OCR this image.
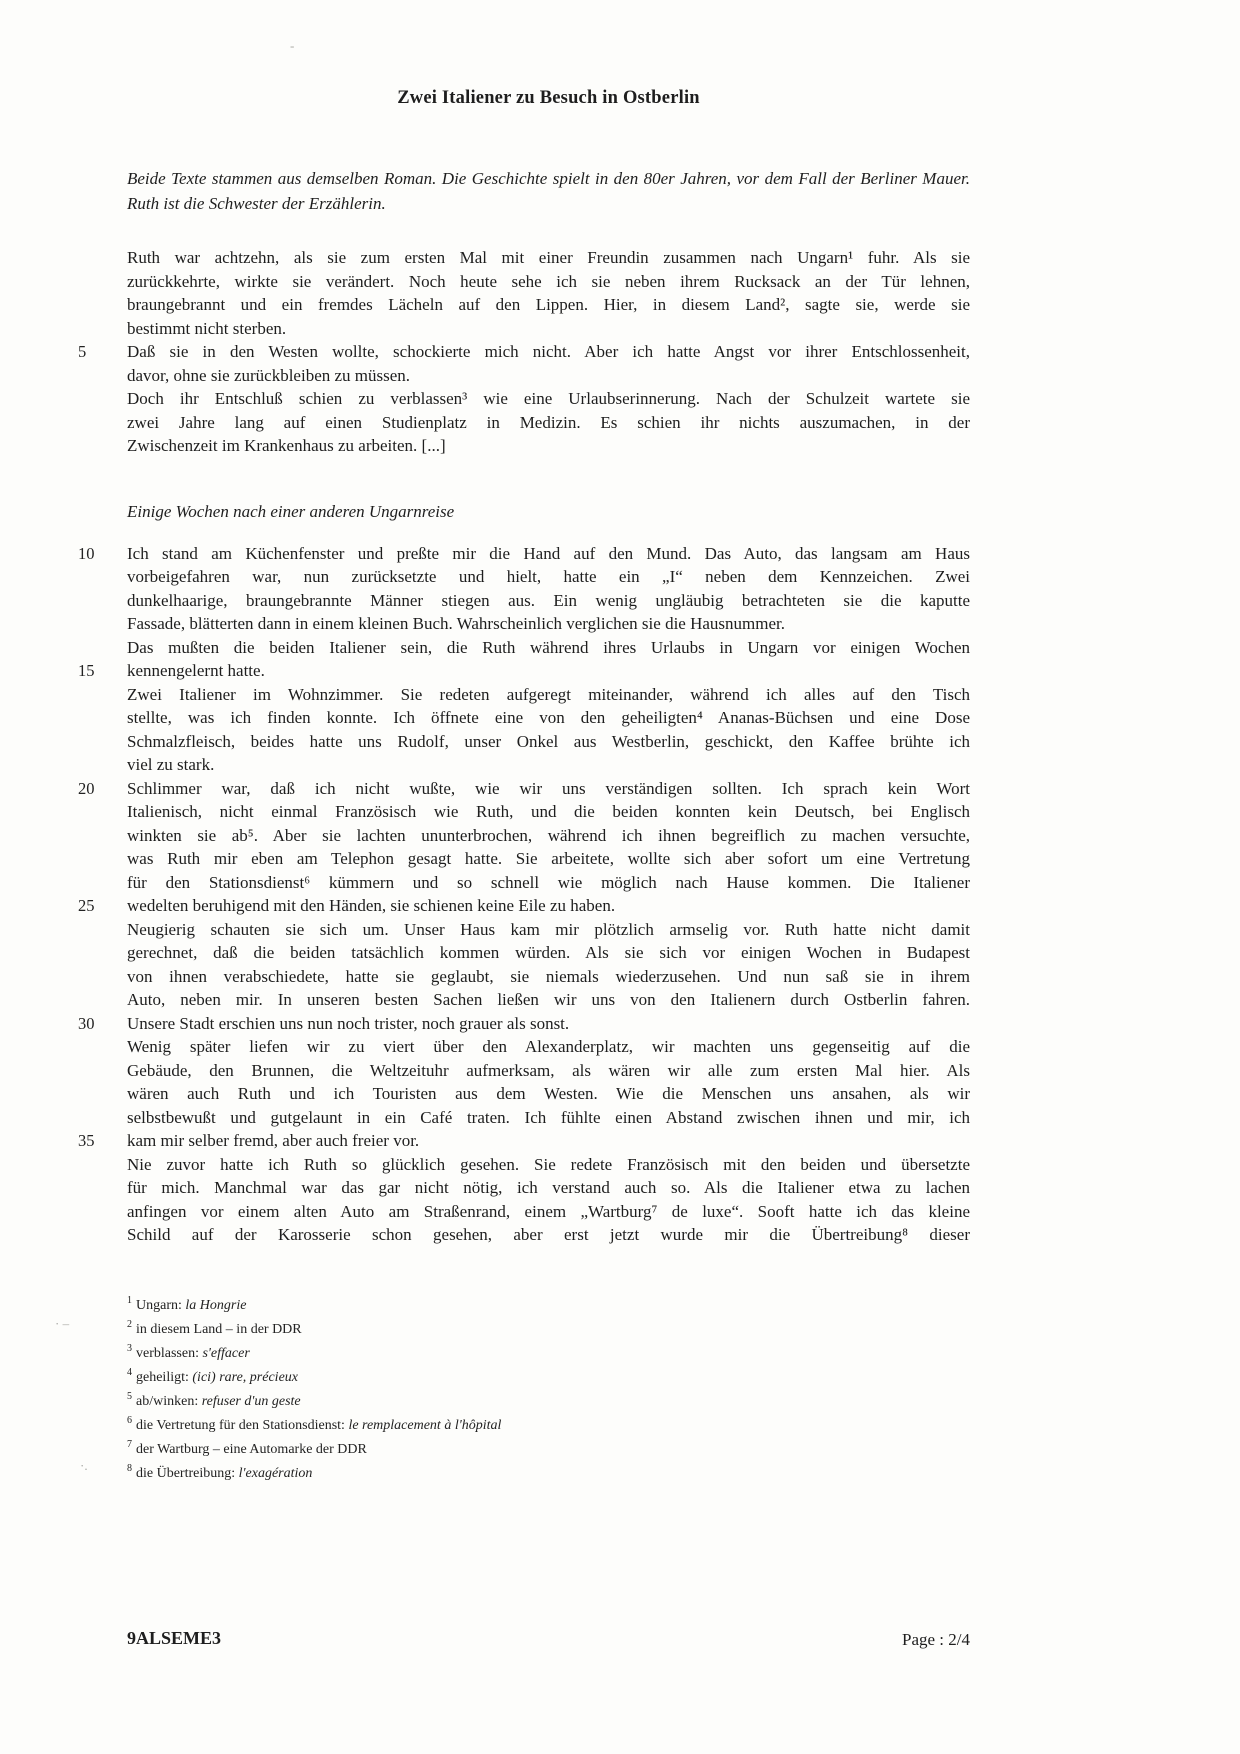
-
· –
·.
Zwei Italiener zu Besuch in Ostberlin
Beide Texte stammen aus demselben Roman. Die Geschichte spielt in den 80er Jahren, vor dem Fall der Berliner Mauer. Ruth ist die Schwester der Erzählerin.
Ruth war achtzehn, als sie zum ersten Mal mit einer Freundin zusammen nach Ungarn¹ fuhr. Als sie
zurückkehrte, wirkte sie verändert. Noch heute sehe ich sie neben ihrem Rucksack an der Tür lehnen,
braungebrannt und ein fremdes Lächeln auf den Lippen. Hier, in diesem Land², sagte sie, werde sie
bestimmt nicht sterben.
5	Daß sie in den Westen wollte, schockierte mich nicht. Aber ich hatte Angst vor ihrer Entschlossenheit,
davor, ohne sie zurückbleiben zu müssen.
Doch ihr Entschluß schien zu verblassen³ wie eine Urlaubserinnerung. Nach der Schulzeit wartete sie
zwei Jahre lang auf einen Studienplatz in Medizin. Es schien ihr nichts auszumachen, in der
Zwischenzeit im Krankenhaus zu arbeiten. [...]
Einige Wochen nach einer anderen Ungarnreise
10	Ich stand am Küchenfenster und preßte mir die Hand auf den Mund. Das Auto, das langsam am Haus
vorbeigefahren war, nun zurücksetzte und hielt, hatte ein „I“ neben dem Kennzeichen. Zwei
dunkelhaarige, braungebrannte Männer stiegen aus. Ein wenig ungläubig betrachteten sie die kaputte
Fassade, blätterten dann in einem kleinen Buch. Wahrscheinlich verglichen sie die Hausnummer.
Das mußten die beiden Italiener sein, die Ruth während ihres Urlaubs in Ungarn vor einigen Wochen
15	kennengelernt hatte.
Zwei Italiener im Wohnzimmer. Sie redeten aufgeregt miteinander, während ich alles auf den Tisch
stellte, was ich finden konnte. Ich öffnete eine von den geheiligten⁴ Ananas-Büchsen und eine Dose
Schmalzfleisch, beides hatte uns Rudolf, unser Onkel aus Westberlin, geschickt, den Kaffee brühte ich
viel zu stark.
20	Schlimmer war, daß ich nicht wußte, wie wir uns verständigen sollten. Ich sprach kein Wort
Italienisch, nicht einmal Französisch wie Ruth, und die beiden konnten kein Deutsch, bei Englisch
winkten sie ab⁵. Aber sie lachten ununterbrochen, während ich ihnen begreiflich zu machen versuchte,
was Ruth mir eben am Telephon gesagt hatte. Sie arbeitete, wollte sich aber sofort um eine Vertretung
für den Stationsdienst⁶ kümmern und so schnell wie möglich nach Hause kommen. Die Italiener
25	wedelten beruhigend mit den Händen, sie schienen keine Eile zu haben.
Neugierig schauten sie sich um. Unser Haus kam mir plötzlich armselig vor. Ruth hatte nicht damit
gerechnet, daß die beiden tatsächlich kommen würden. Als sie sich vor einigen Wochen in Budapest
von ihnen verabschiedete, hatte sie geglaubt, sie niemals wiederzusehen. Und nun saß sie in ihrem
Auto, neben mir. In unseren besten Sachen ließen wir uns von den Italienern durch Ostberlin fahren.
30	Unsere Stadt erschien uns nun noch trister, noch grauer als sonst.
Wenig später liefen wir zu viert über den Alexanderplatz, wir machten uns gegenseitig auf die
Gebäude, den Brunnen, die Weltzeituhr aufmerksam, als wären wir alle zum ersten Mal hier. Als
wären auch Ruth und ich Touristen aus dem Westen. Wie die Menschen uns ansahen, als wir
selbstbewußt und gutgelaunt in ein Café traten. Ich fühlte einen Abstand zwischen ihnen und mir, ich
35	kam mir selber fremd, aber auch freier vor.
Nie zuvor hatte ich Ruth so glücklich gesehen. Sie redete Französisch mit den beiden und übersetzte
für mich. Manchmal war das gar nicht nötig, ich verstand auch so. Als die Italiener etwa zu lachen
anfingen vor einem alten Auto am Straßenrand, einem „Wartburg⁷ de luxe“. Sooft hatte ich das kleine
Schild auf der Karosserie schon gesehen, aber erst jetzt wurde mir die Übertreibung⁸ dieser
$^1$ Ungarn: la Hongrie
$^2$ in diesem Land – in der DDR
$^3$ verblassen: s'effacer
$^4$ geheiligt: (ici) rare, précieux
$^5$ ab/winken: refuser d'un geste
$^6$ die Vertretung für den Stationsdienst: le remplacement à l'hôpital
$^7$ der Wartburg – eine Automarke der DDR
$^8$ die Übertreibung: l'exagération
9ALSEME3	Page : 2/4
